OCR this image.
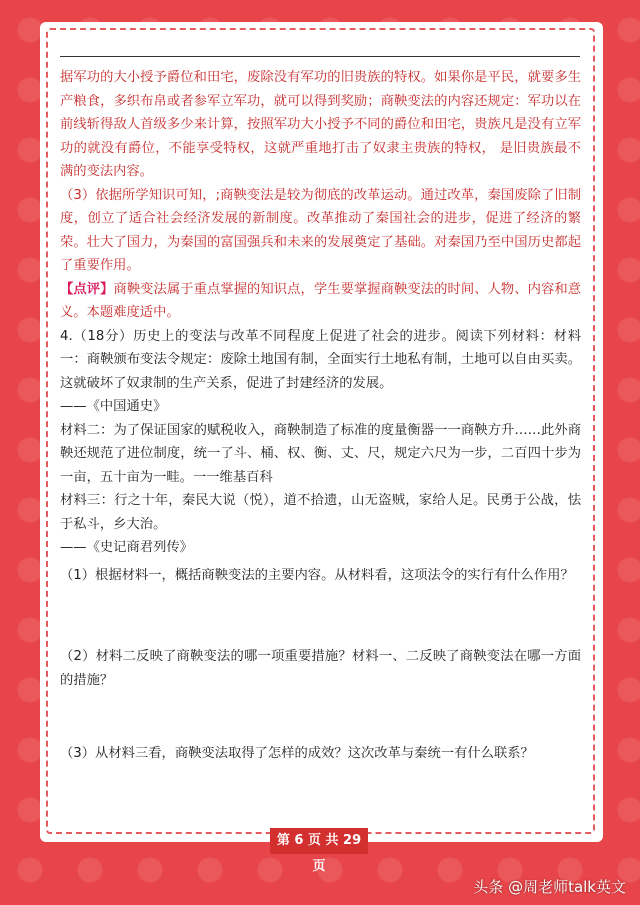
据军功的大小授予爵位和田宅，废除没有军功的旧贵族的特权。如果你是平民，就要多生产粮食，多织布帛或者参军立军功，就可以得到奖励；商鞅变法的内容还规定：军功以在前线斩得敌人首级多少来计算，按照军功大小授予不同的爵位和田宅，贵族凡是没有立军功的就没有爵位，不能享受特权，这就严重地打击了奴隶主贵族的特权， 是旧贵族最不满的变法内容。

（3）依据所学知识可知，;商鞅变法是较为彻底的改革运动。通过改革，秦国废除了旧制度，创立了适合社会经济发展的新制度。改革推动了秦国社会的进步，促进了经济的繁荣。壮大了国力，为秦国的富国强兵和未来的发展奠定了基础。对秦国乃至中国历史都起了重要作用。

【点评】商鞅变法属于重点掌握的知识点，学生要掌握商鞅变法的时间、人物、内容和意义。本题难度适中。

4.（18分）历史上的变法与改革不同程度上促进了社会的进步。阅读下列材料：材料一：商鞅颁布变法令规定：废除土地国有制，全面实行土地私有制，土地可以自由买卖。这就破坏了奴隶制的生产关系，促进了封建经济的发展。

——《中国通史》

材料二：为了保证国家的赋税收入，商鞅制造了标准的度量衡器一一商鞅方升……此外商鞅还规范了进位制度，统一了斗、桶、权、衡、丈、尺，规定六尺为一步，二百四十步为一亩，五十亩为一畦。一一维基百科

材料三：行之十年，秦民大说（悦），道不拾遗，山无盗贼，家给人足。民勇于公战，怯于私斗，乡大治。

——《史记商君列传》

（1）根据材料一，概括商鞅变法的主要内容。从材料看，这项法令的实行有什么作用？

（2）材料二反映了商鞅变法的哪一项重要措施？材料一、二反映了商鞅变法在哪一方面的措施？

（3）从材料三看，商鞅变法取得了怎样的成效？这次改革与秦统一有什么联系？

第 6 页 共 29 页
头条 @周老师talk英文
